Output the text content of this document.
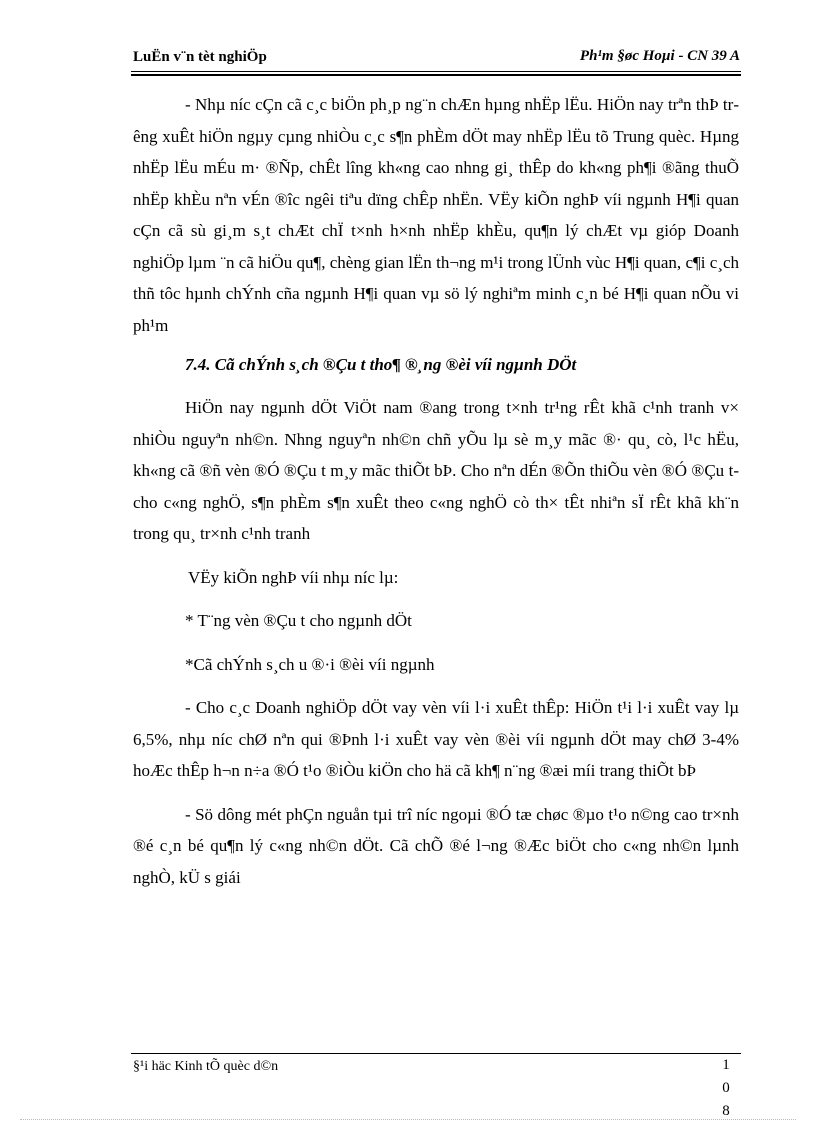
LuËn v¨n tèt nghiÖp	Ph¹m §øc Hoµi - CN 39 A

- Nhµ níc cÇn cã c¸c biÖn ph¸p ng¨n chÆn hµng nhËp lËu. HiÖn nay trªn thÞ trêng xuÊt hiÖn ngµy cµng nhiÒu c¸c s¶n phÈm dÖt may nhËp lËu tõ Trung quèc. Hµng nhËp lËu mÉu m· ®Ñp, chÊt lîng kh«ng cao nhng gi¸ thÊp do kh«ng ph¶i ®ãng thuÕ nhËp khÈu nªn vÉn ®îc ngêi tiªu dïng chÊp nhËn. VËy kiÕn nghÞ víi ngµnh H¶i quan cÇn cã sù gi¸m s¸t chÆt chÏ t×nh h×nh nhËp khÈu, qu¶n lý chÆt vµ gióp Doanh nghiÖp lµm ¨n cã hiÖu qu¶, chèng gian lËn th¬ng m¹i trong lÜnh vùc H¶i quan, c¶i c¸ch thñ tôc hµnh chÝnh cña ngµnh H¶i quan vµ sö lý nghiªm minh c¸n bé H¶i quan nÕu vi ph¹m

7.4. Cã chÝnh s¸ch ®Çu t tho¶ ®¸ng ®èi víi ngµnh DÖt

HiÖn nay ngµnh dÖt ViÖt nam ®ang trong t×nh tr¹ng rÊt khã c¹nh tranh v× nhiÒu nguyªn nh©n. Nhng nguyªn nh©n chñ yÕu lµ sè m¸y mãc ®· qu¸ cò, l¹c hËu, kh«ng cã ®ñ vèn ®Ó ®Çu t m¸y mãc thiÕt bÞ. Cho nªn dÉn ®Õn thiÕu vèn ®Ó ®Çu t cho c«ng nghÖ, s¶n phÈm s¶n xuÊt theo c«ng nghÖ cò th× tÊt nhiªn sÏ rÊt khã kh¨n trong qu¸ tr×nh c¹nh tranh

VËy kiÕn nghÞ víi nhµ níc lµ:

* T¨ng vèn ®Çu t cho ngµnh dÖt

*Cã chÝnh s¸ch u ®·i ®èi víi ngµnh

- Cho c¸c Doanh nghiÖp dÖt vay vèn víi l·i xuÊt thÊp: HiÖn t¹i l·i xuÊt vay lµ 6,5%, nhµ níc chØ nªn qui ®Þnh l·i xuÊt vay vèn ®èi víi ngµnh dÖt may chØ 3-4% hoÆc thÊp h¬n n÷a ®Ó t¹o ®iÒu kiÖn cho hä cã kh¶ n¨ng ®æi míi trang thiÕt bÞ

- Sö dông mét phÇn nguån tµi trî níc ngoµi ®Ó tæ chøc ®µo t¹o n©ng cao tr×nh ®é c¸n bé qu¶n lý c«ng nh©n dÖt. Cã chÕ ®é l¬ng ®Æc biÖt cho c«ng nh©n lµnh nghÒ, kÜ s giái

§¹i häc Kinh tÕ quèc d©n	1
0
8
